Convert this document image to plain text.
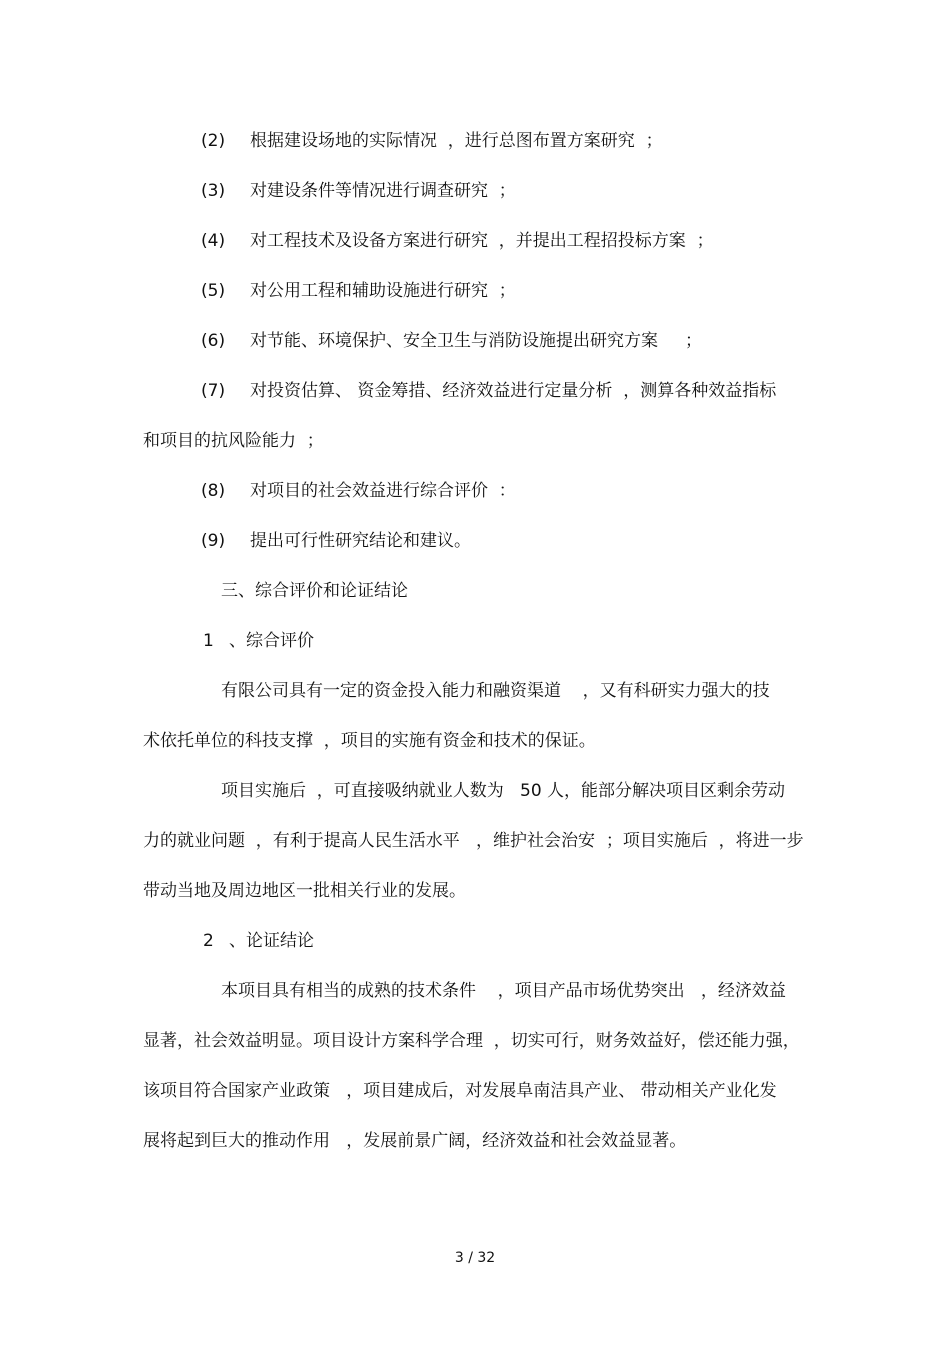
(2) 根据建设场地的实际情况  ，进行总图布置方案研究  ；
(3) 对建设条件等情况进行调查研究  ；
(4) 对工程技术及设备方案进行研究  ，并提出工程招投标方案  ；
(5) 对公用工程和辅助设施进行研究  ；
(6) 对节能、环境保护、安全卫生与消防设施提出研究方案     ；
(7) 对投资估算、 资金筹措、经济效益进行定量分析  ，测算各种效益指标
和项目的抗风险能力  ；
(8) 对项目的社会效益进行综合评价  ：
(9) 提出可行性研究结论和建议。
三、综合评价和论证结论
1 、综合评价
有限公司具有一定的资金投入能力和融资渠道    ，又有科研实力强大的技
术依托单位的科技支撑  ，项目的实施有资金和技术的保证。
项目实施后  ，可直接吸纳就业人数为   50 人，能部分解决项目区剩余劳动
力的就业问题  ，有利于提高人民生活水平   ，维护社会治安  ；项目实施后  ，将进一步
带动当地及周边地区一批相关行业的发展。
2 、论证结论
本项目具有相当的成熟的技术条件    ，项目产品市场优势突出   ，经济效益
显著，社会效益明显。项目设计方案科学合理  ，切实可行，财务效益好，偿还能力强，
该项目符合国家产业政策   ，项目建成后，对发展阜南洁具产业、 带动相关产业化发
展将起到巨大的推动作用   ，发展前景广阔，经济效益和社会效益显著。
3 / 32
